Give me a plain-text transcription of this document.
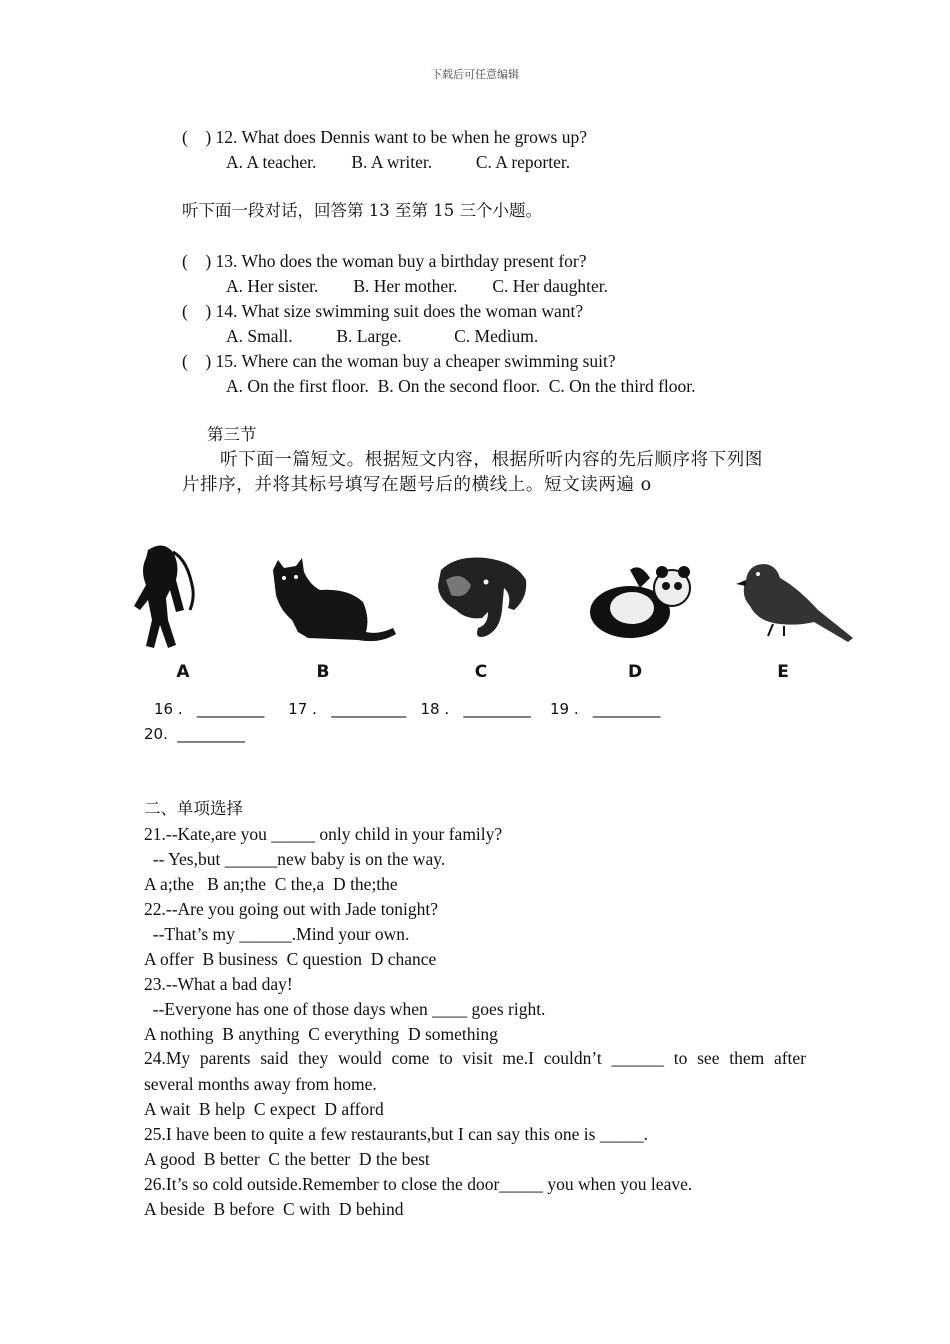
下载后可任意编辑
(    ) 12. What does Dennis want to be when he grows up?
A. A teacher.        B. A writer.          C. A reporter.
听下面一段对话，回答第 13 至第 15 三个小题。
(    ) 13. Who does the woman buy a birthday present for?
A. Her sister.        B. Her mother.        C. Her daughter.
(    ) 14. What size swimming suit does the woman want?
A. Small.          B. Large.            C. Medium.
(    ) 15. Where can the woman buy a cheaper swimming suit?
A. On the first floor.  B. On the second floor.  C. On the third floor.
第三节
听下面一篇短文。根据短文内容，根据所听内容的先后顺序将下列图
片排序，并将其标号填写在题号后的横线上。短文读两遍 o
A	B	C	D	E
16 .   _________     17 .   __________   18 .   _________    19 .   _________
20.  _________
二、单项选择
21.--Kate,are you _____ only child in your family?
-- Yes,but ______new baby is on the way.
A a;the   B an;the  C the,a  D the;the
22.--Are you going out with Jade tonight?
--That’s my ______.Mind your own.
A offer  B business  C question  D chance
23.--What a bad day!
--Everyone has one of those days when ____ goes right.
A nothing  B anything  C everything  D something
24.My parents said they would come to visit me.I couldn’t ______ to see them after
several months away from home.
A wait  B help  C expect  D afford
25.I have been to quite a few restaurants,but I can say this one is _____.
A good  B better  C the better  D the best
26.It’s so cold outside.Remember to close the door_____ you when you leave.
A beside  B before  C with  D behind
